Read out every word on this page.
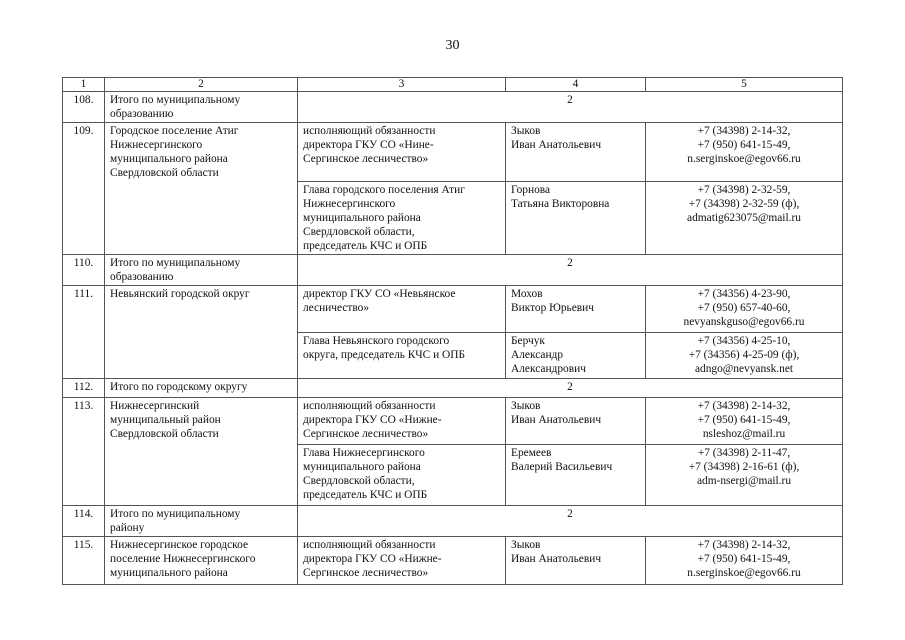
30
1	2	3	4	5
108.	Итого по муниципальному
образованию	2		
109.	Городское поселение Атиг
Нижнесергинского
муниципального района
Свердловской области	исполняющий обязанности
директора ГКУ СО «Нине-
Сергинское лесничество»	Зыков
Иван Анатольевич	+7 (34398) 2-14-32,
+7 (950) 641-15-49,
n.serginskoe@egov66.ru

		Глава городского поселения Атиг
Нижнесергинского
муниципального района
Свердловской области,
председатель КЧС и ОПБ	Горнова
Татьяна Викторовна	+7 (34398) 2-32-59,
+7 (34398) 2-32-59 (ф),
admatig623075@mail.ru

110.	Итого по муниципальному
образованию	2		
111.	Невьянский городской округ	директор ГКУ СО «Невьянское
лесничество»	Мохов
Виктор Юрьевич	+7 (34356) 4-23-90,
+7 (950) 657-40-60,
nevyanskguso@egov66.ru

		Глава Невьянского городского
округа, председатель КЧС и ОПБ	Берчук
Александр
Александрович	+7 (34356) 4-25-10,
+7 (34356) 4-25-09 (ф),
adngo@nevyansk.net

112.	Итого по городскому округу	2		
113.	Нижнесергинский
муниципальный район
Свердловской области	исполняющий обязанности
директора ГКУ СО «Нижне-
Сергинское лесничество»	Зыков
Иван Анатольевич	+7 (34398) 2-14-32,
+7 (950) 641-15-49,
nsleshoz@mail.ru

		Глава Нижнесергинского
муниципального района
Свердловской области,
председатель КЧС и ОПБ	Еремеев
Валерий Васильевич	+7 (34398) 2-11-47,
+7 (34398) 2-16-61 (ф),
adm-nsergi@mail.ru

114.	Итого по муниципальному
району	2		
115.	Нижнесергинское городское
поселение Нижнесергинского
муниципального района	исполняющий обязанности
директора ГКУ СО «Нижне-
Сергинское лесничество»	Зыков
Иван Анатольевич	+7 (34398) 2-14-32,
+7 (950) 641-15-49,
n.serginskoe@egov66.ru
